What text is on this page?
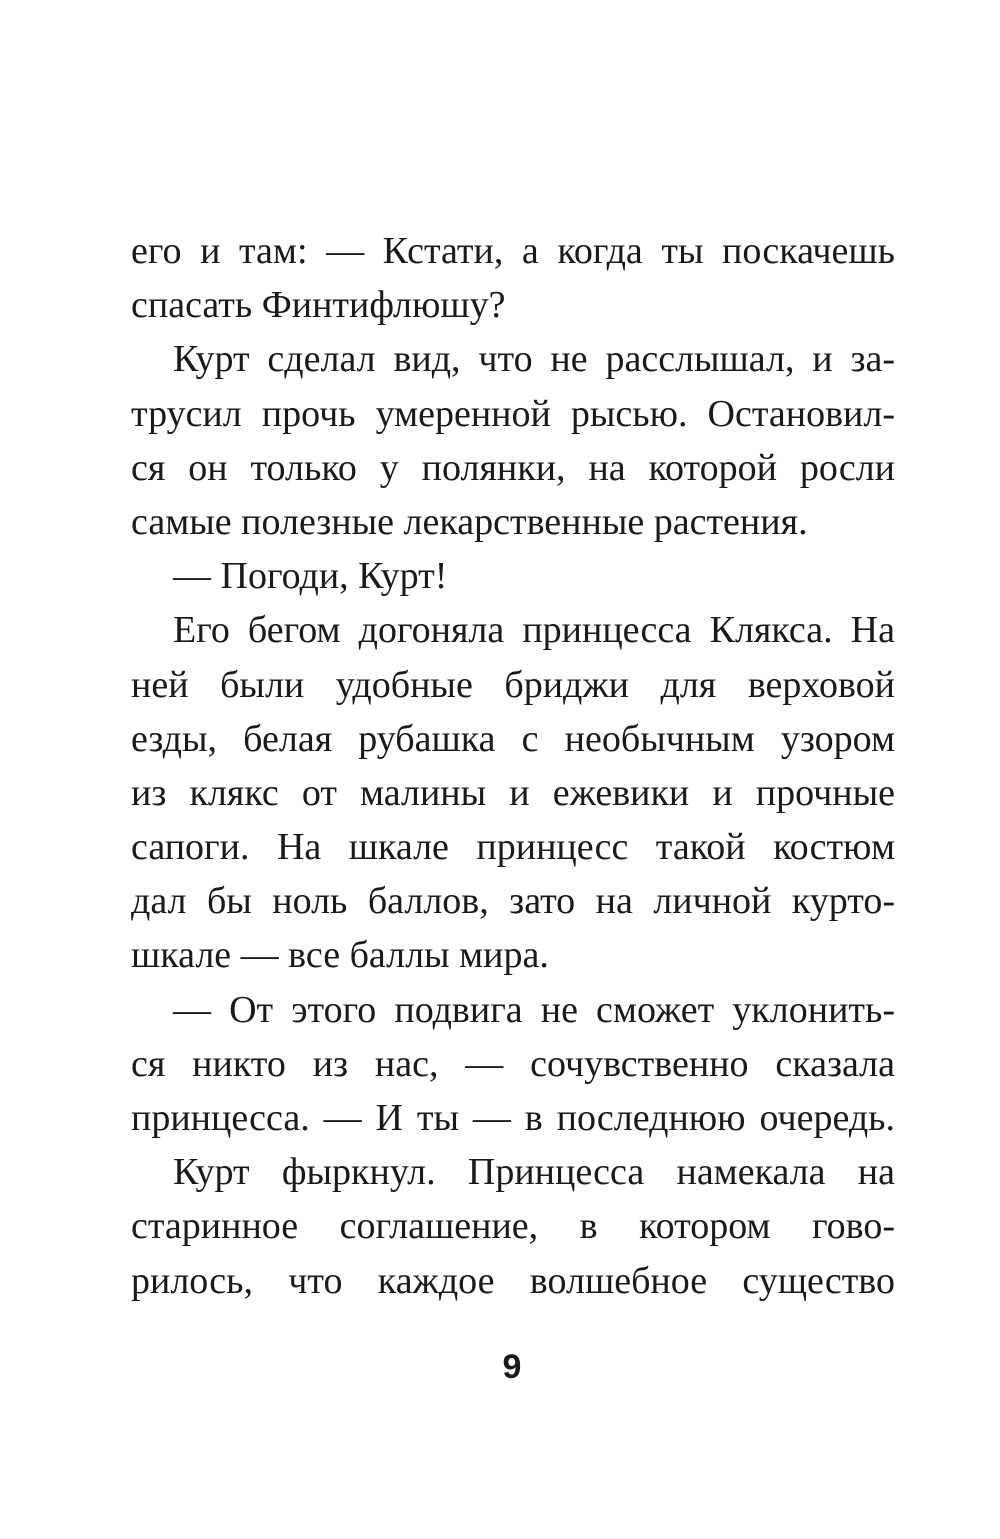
его и там: — Кстати, а когда ты поскачешь
спасать Финтифлюшу?
Курт сделал вид, что не расслышал, и за-
трусил прочь умеренной рысью. Остановил-
ся он только у полянки, на которой росли
самые полезные лекарственные растения.
— Погоди, Курт!
Его бегом догоняла принцесса Клякса. На
ней были удобные бриджи для верховой
езды, белая рубашка с необычным узором
из клякс от малины и ежевики и прочные
сапоги. На шкале принцесс такой костюм
дал бы ноль баллов, зато на личной курто-
шкале — все баллы мира.
— От этого подвига не сможет уклонить-
ся никто из нас, — сочувственно сказала
принцесса. — И ты — в последнюю очередь.
Курт фыркнул. Принцесса намекала на
старинное соглашение, в котором гово-
рилось, что каждое волшебное существо
9
